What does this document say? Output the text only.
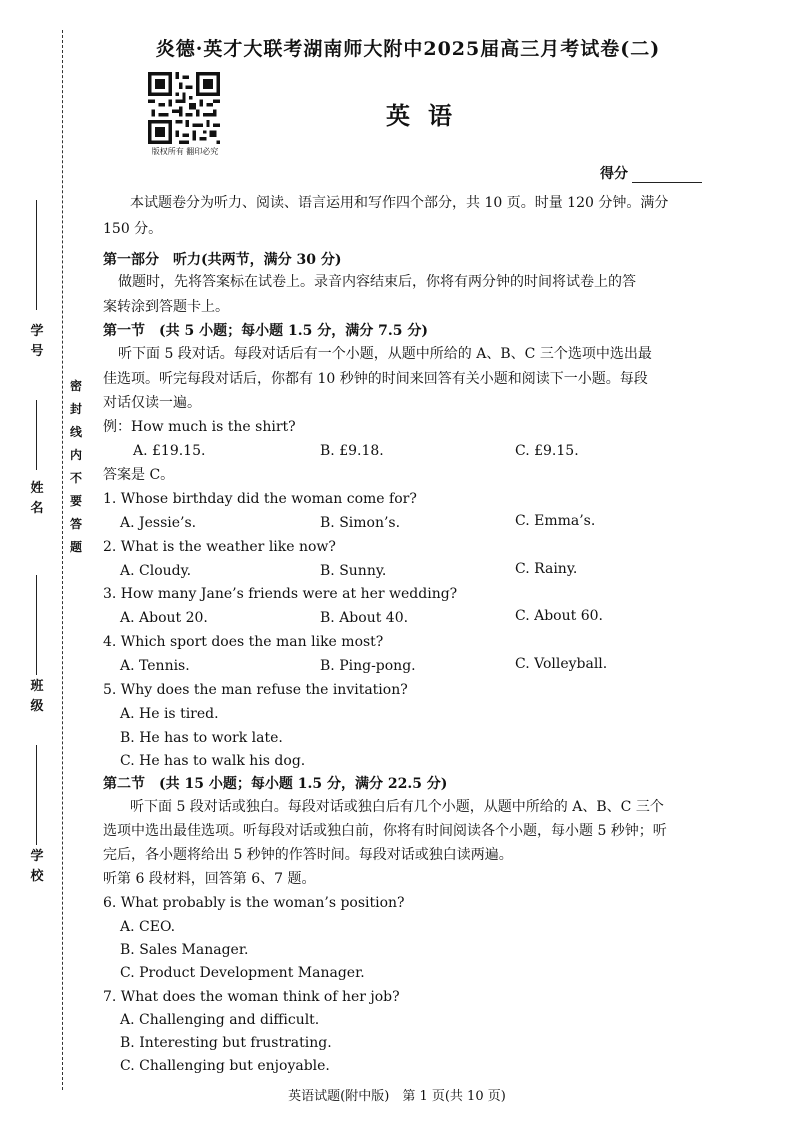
密
封
线
内
不
要
答
题
学
号
姓
名
班
级
学
校
炎德·英才大联考湖南师大附中2025届高三月考试卷(二)
版权所有 翻印必究
英语
得分
本试题卷分为听力、阅读、语言运用和写作四个部分，共 10 页。时量 120 分钟。满分
150 分。
第一部分　听力(共两节，满分 30 分)
做题时，先将答案标在试卷上。录音内容结束后，你将有两分钟的时间将试卷上的答
案转涂到答题卡上。
第一节　(共 5 小题；每小题 1.5 分，满分 7.5 分)
听下面 5 段对话。每段对话后有一个小题，从题中所给的 A、B、C 三个选项中选出最
佳选项。听完每段对话后，你都有 10 秒钟的时间来回答有关小题和阅读下一小题。每段
对话仅读一遍。
例：How much is the shirt?
A. £19.15.	B. £9.18.	C. £9.15.
答案是 C。
1. Whose birthday did the woman come for?
A. Jessie’s.	B. Simon’s.	C. Emma’s.
2. What is the weather like now?
A. Cloudy.	B. Sunny.	C. Rainy.
3. How many Jane’s friends were at her wedding?
A. About 20.	B. About 40.	C. About 60.
4. Which sport does the man like most?
A. Tennis.	B. Ping-pong.	C. Volleyball.
5. Why does the man refuse the invitation?
A. He is tired.
B. He has to work late.
C. He has to walk his dog.
第二节　(共 15 小题；每小题 1.5 分，满分 22.5 分)
听下面 5 段对话或独白。每段对话或独白后有几个小题，从题中所给的 A、B、C 三个
选项中选出最佳选项。听每段对话或独白前，你将有时间阅读各个小题，每小题 5 秒钟；听
完后，各小题将给出 5 秒钟的作答时间。每段对话或独白读两遍。
听第 6 段材料，回答第 6、7 题。
6. What probably is the woman’s position?
A. CEO.
B. Sales Manager.
C. Product Development Manager.
7. What does the woman think of her job?
A. Challenging and difficult.
B. Interesting but frustrating.
C. Challenging but enjoyable.
英语试题(附中版)　第 1 页(共 10 页)
